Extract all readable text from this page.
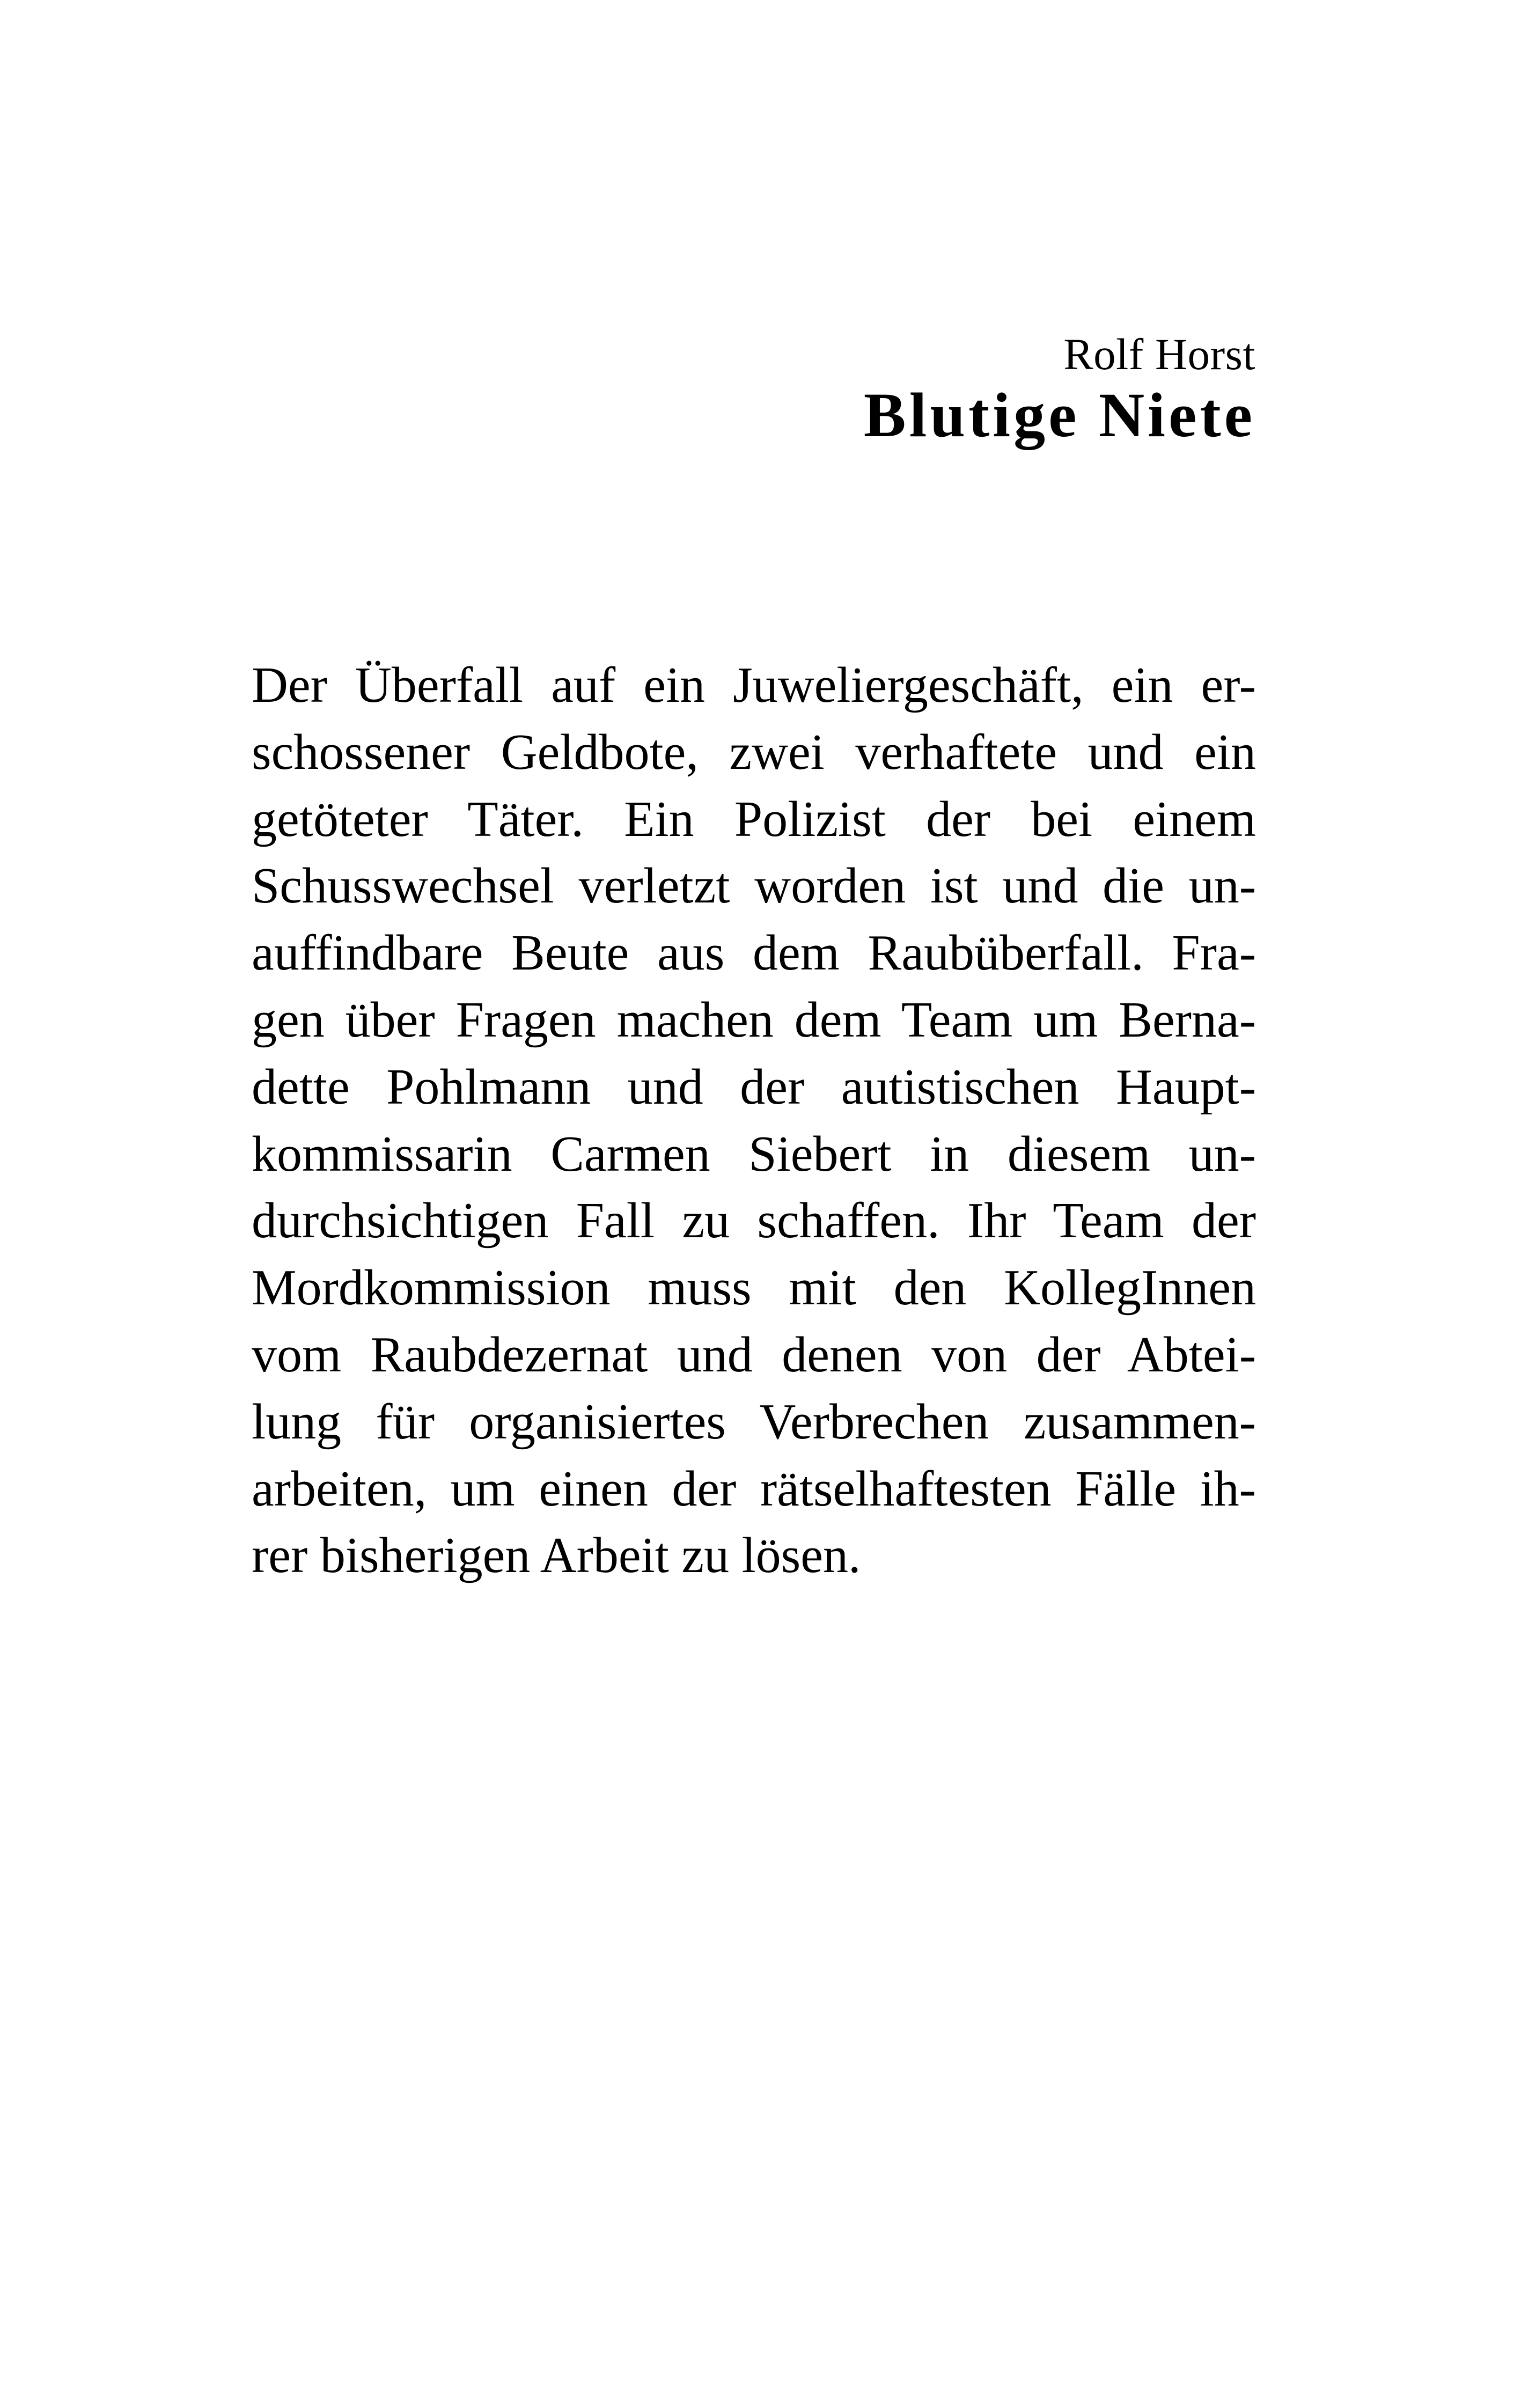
Rolf Horst
Blutige Niete
Der Überfall auf ein Juweliergeschäft, ein er-
schossener Geldbote, zwei verhaftete und ein
getöteter Täter. Ein Polizist der bei einem
Schusswechsel verletzt worden ist und die un-
auffindbare Beute aus dem Raubüberfall. Fra-
gen über Fragen machen dem Team um Berna-
dette Pohlmann und der autistischen Haupt-
kommissarin Carmen Siebert in diesem un-
durchsichtigen Fall zu schaffen. Ihr Team der
Mordkommission muss mit den KollegInnen
vom Raubdezernat und denen von der Abtei-
lung für organisiertes Verbrechen zusammen-
arbeiten, um einen der rätselhaftesten Fälle ih-
rer bisherigen Arbeit zu lösen.
